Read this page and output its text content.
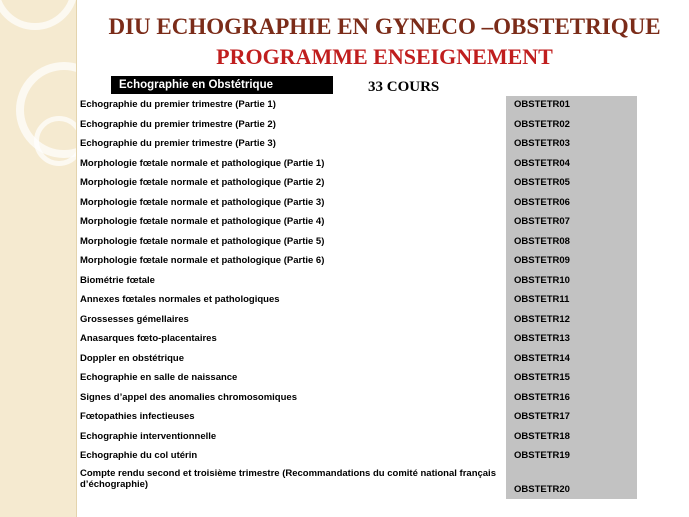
DIU ECHOGRAPHIE EN GYNECO –OBSTETRIQUE
PROGRAMME ENSEIGNEMENT
Echographie en Obstétrique	33 COURS
Echographie du premier trimestre (Partie 1)	OBSTETR01
Echographie du premier trimestre (Partie 2)	OBSTETR02
Echographie du premier trimestre (Partie 3)	OBSTETR03
Morphologie fœtale normale et pathologique (Partie 1)	OBSTETR04
Morphologie fœtale normale et pathologique (Partie 2)	OBSTETR05
Morphologie fœtale normale et pathologique (Partie 3)	OBSTETR06
Morphologie fœtale normale et pathologique (Partie 4)	OBSTETR07
Morphologie fœtale normale et pathologique (Partie 5)	OBSTETR08
Morphologie fœtale normale et pathologique (Partie 6)	OBSTETR09
Biométrie fœtale	OBSTETR10
Annexes fœtales normales et pathologiques	OBSTETR11
Grossesses gémellaires	OBSTETR12
Anasarques fœto-placentaires	OBSTETR13
Doppler en obstétrique	OBSTETR14
Echographie en salle de naissance	OBSTETR15
Signes d’appel des anomalies chromosomiques	OBSTETR16
Fœtopathies infectieuses	OBSTETR17
Echographie interventionnelle	OBSTETR18
Echographie du col utérin	OBSTETR19
Compte rendu second et troisième trimestre (Recommandations du comité national français d’échographie)	OBSTETR20
